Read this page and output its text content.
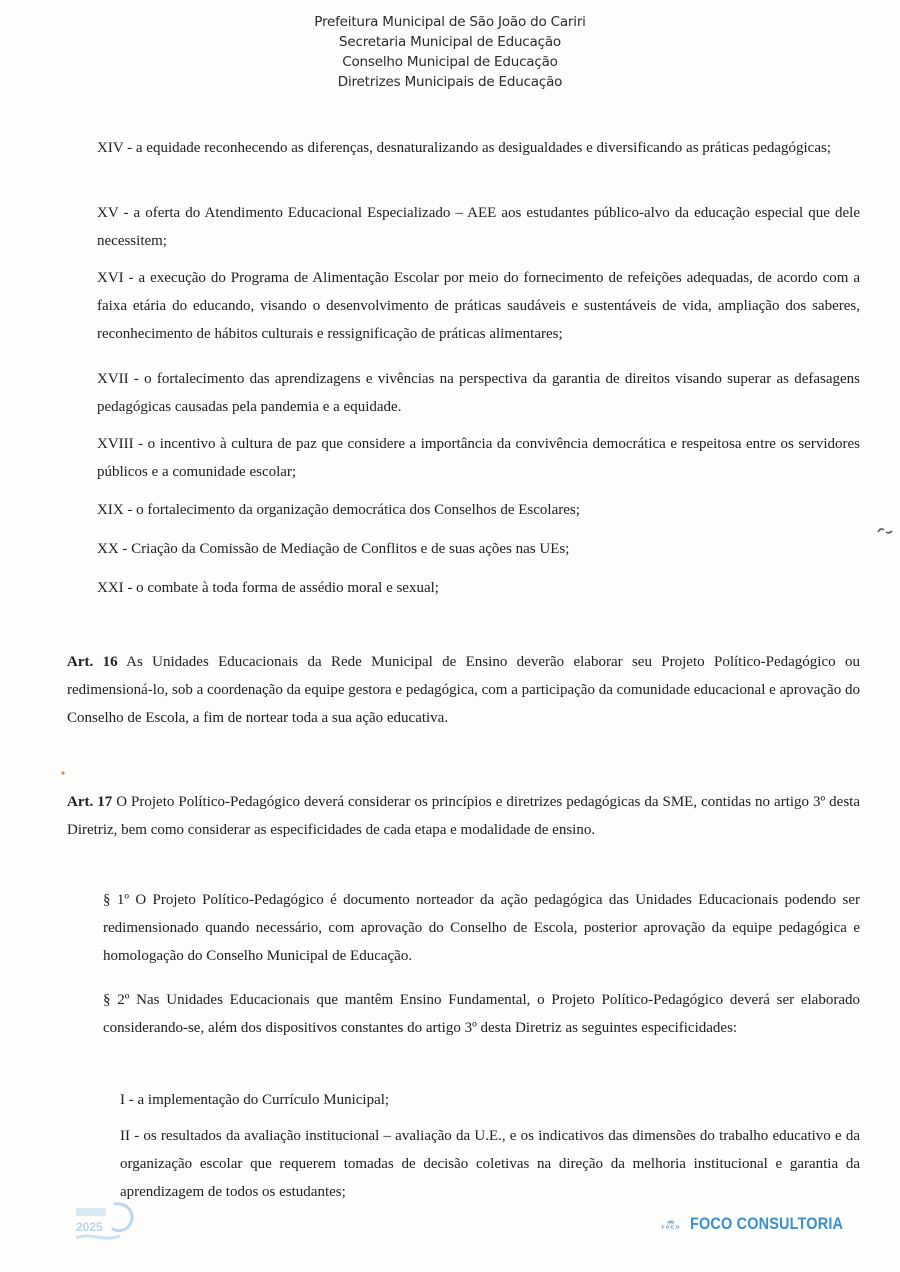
Prefeitura Municipal de São João do Cariri
Secretaria Municipal de Educação
Conselho Municipal de Educação
Diretrizes Municipais de Educação

XIV - a equidade reconhecendo as diferenças, desnaturalizando as desigualdades e diversificando as práticas pedagógicas;

XV - a oferta do Atendimento Educacional Especializado – AEE aos estudantes público-alvo da educação especial que dele necessitem;

XVI - a execução do Programa de Alimentação Escolar por meio do fornecimento de refeições adequadas, de acordo com a faixa etária do educando, visando o desenvolvimento de práticas saudáveis e sustentáveis de vida, ampliação dos saberes, reconhecimento de hábitos culturais e ressignificação de práticas alimentares;

XVII - o fortalecimento das aprendizagens e vivências na perspectiva da garantia de direitos visando superar as defasagens pedagógicas causadas pela pandemia e a equidade.

XVIII - o incentivo à cultura de paz que considere a importância da convivência democrática e respeitosa entre os servidores públicos e a comunidade escolar;

XIX - o fortalecimento da organização democrática dos Conselhos de Escolares;

XX - Criação da Comissão de Mediação de Conflitos e de suas ações nas UEs;

XXI - o combate à toda forma de assédio moral e sexual;

Art. 16 As Unidades Educacionais da Rede Municipal de Ensino deverão elaborar seu Projeto Político-Pedagógico ou redimensioná-lo, sob a coordenação da equipe gestora e pedagógica, com a participação da comunidade educacional e aprovação do Conselho de Escola, a fim de nortear toda a sua ação educativa.

Art. 17 O Projeto Político-Pedagógico deverá considerar os princípios e diretrizes pedagógicas da SME, contidas no artigo 3º desta Diretriz, bem como considerar as especificidades de cada etapa e modalidade de ensino.

§ 1º O Projeto Político-Pedagógico é documento norteador da ação pedagógica das Unidades Educacionais podendo ser redimensionado quando necessário, com aprovação do Conselho de Escola, posterior aprovação da equipe pedagógica e homologação do Conselho Municipal de Educação.

§ 2º Nas Unidades Educacionais que mantêm Ensino Fundamental, o Projeto Político-Pedagógico deverá ser elaborado considerando-se, além dos dispositivos constantes do artigo 3º desta Diretriz as seguintes especificidades:

I - a implementação do Currículo Municipal;

II - os resultados da avaliação institucional – avaliação da U.E., e os indicativos das dimensões do trabalho educativo e da organização escolar que requerem tomadas de decisão coletivas na direção da melhoria institucional e garantia da aprendizagem de todos os estudantes;

2025	FOCO FOCO CONSULTORIA
